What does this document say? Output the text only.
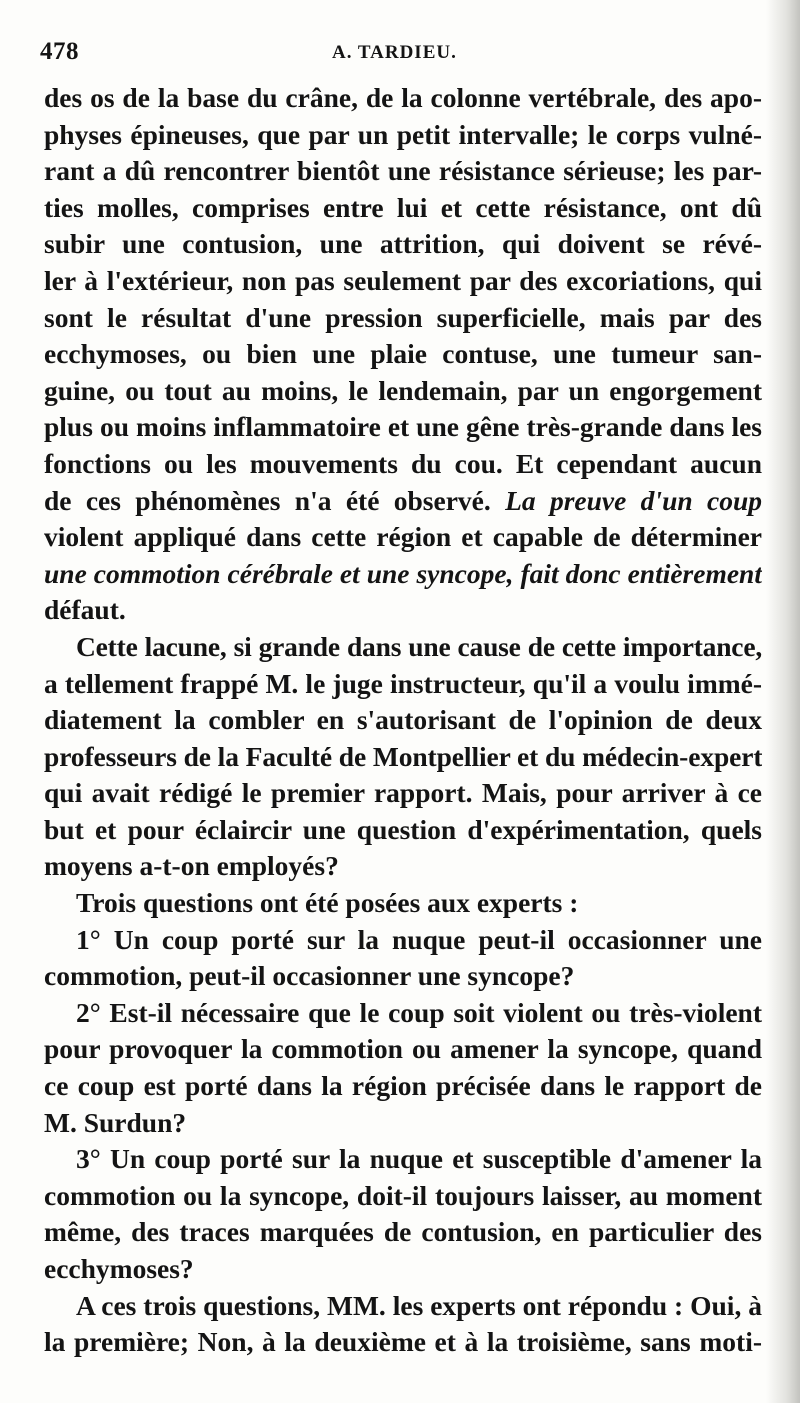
478	A. TARDIEU.
des os de la base du crâne, de la colonne vertébrale, des apo-
physes épineuses, que par un petit intervalle; le corps vulné-
rant a dû rencontrer bientôt une résistance sérieuse; les par-
ties molles, comprises entre lui et cette résistance, ont dû
subir une contusion, une attrition, qui doivent se révé-
ler à l'extérieur, non pas seulement par des excoriations, qui
sont le résultat d'une pression superficielle, mais par des
ecchymoses, ou bien une plaie contuse, une tumeur san-
guine, ou tout au moins, le lendemain, par un engorgement
plus ou moins inflammatoire et une gêne très-grande dans les
fonctions ou les mouvements du cou. Et cependant aucun
de ces phénomènes n'a été observé. La preuve d'un coup
violent appliqué dans cette région et capable de déterminer
une commotion cérébrale et une syncope, fait donc entièrement
défaut.
Cette lacune, si grande dans une cause de cette importance,
a tellement frappé M. le juge instructeur, qu'il a voulu immé-
diatement la combler en s'autorisant de l'opinion de deux
professeurs de la Faculté de Montpellier et du médecin-expert
qui avait rédigé le premier rapport. Mais, pour arriver à ce
but et pour éclaircir une question d'expérimentation, quels
moyens a-t-on employés?
Trois questions ont été posées aux experts :
1° Un coup porté sur la nuque peut-il occasionner une
commotion, peut-il occasionner une syncope?
2° Est-il nécessaire que le coup soit violent ou très-violent
pour provoquer la commotion ou amener la syncope, quand
ce coup est porté dans la région précisée dans le rapport de
M. Surdun?
3° Un coup porté sur la nuque et susceptible d'amener la
commotion ou la syncope, doit-il toujours laisser, au moment
même, des traces marquées de contusion, en particulier des
ecchymoses?
A ces trois questions, MM. les experts ont répondu : Oui, à
la première; Non, à la deuxième et à la troisième, sans moti-
